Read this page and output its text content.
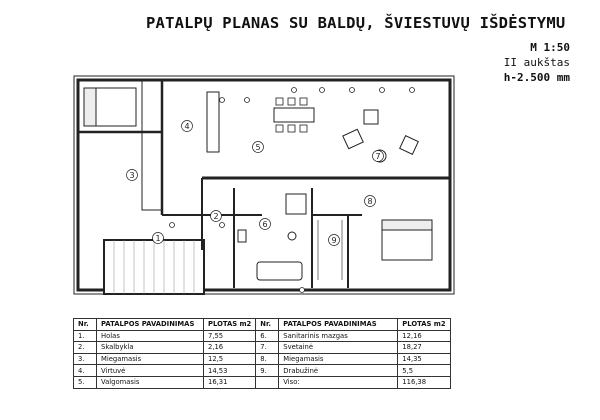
PATALPŲ PLANAS SU BALDŲ, ŠVIESTUVŲ IŠDĖSTYMU
M 1:50
II aukštas
h-2.500 mm
1
2
3
4
5
6
7
8
9
Nr.	PATALPOS PAVADINIMAS	PLOTAS m2	Nr.	PATALPOS PAVADINIMAS	PLOTAS m2
1.	Holas	7,55	6.	Sanitarinis mazgas	12,16
2.	Skalbykla	2,16	7.	Svetainė	18,27
3.	Miegamasis	12,5	8.	Miegamasis	14,35
4.	Virtuvė	14,53	9.	Drabužinė	5,5
5.	Valgomasis	16,31		Viso:	116,38
